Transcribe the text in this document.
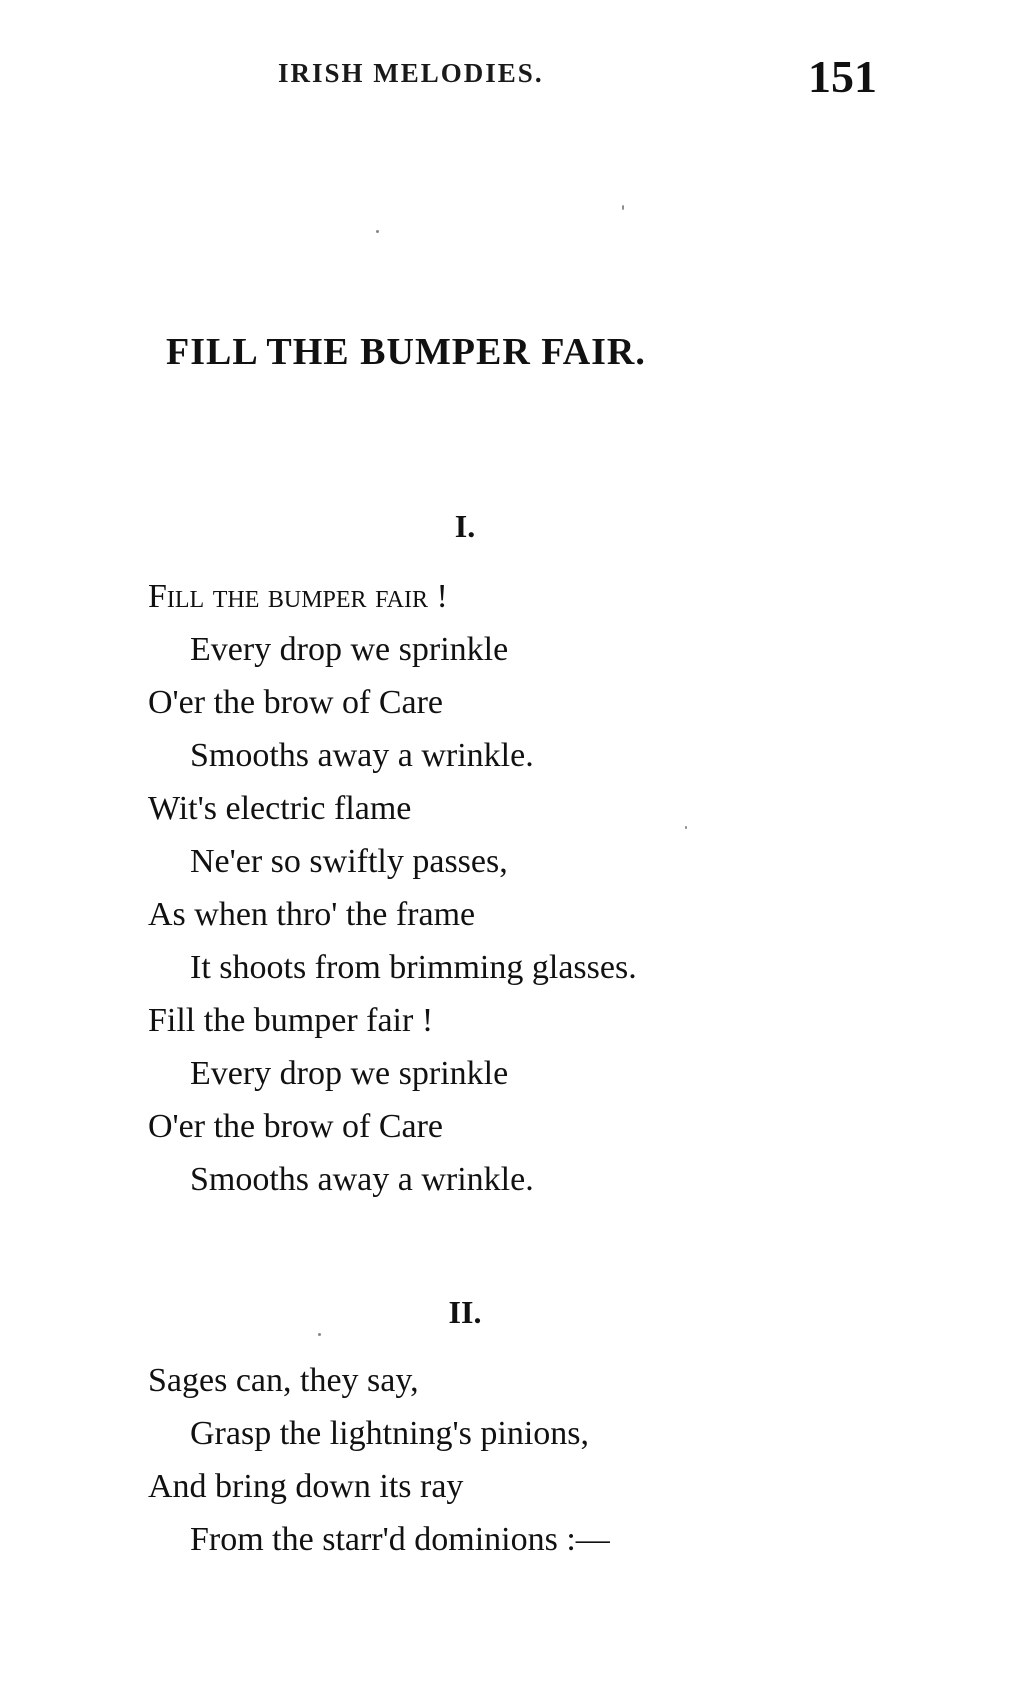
IRISH MELODIES.	151
FILL THE BUMPER FAIR.
I.
Fill the bumper fair !
Every drop we sprinkle
O'er the brow of Care
Smooths away a wrinkle.
Wit's electric flame
Ne'er so swiftly passes,
As when thro' the frame
It shoots from brimming glasses.
Fill the bumper fair !
Every drop we sprinkle
O'er the brow of Care
Smooths away a wrinkle.
II.
Sages can, they say,
Grasp the lightning's pinions,
And bring down its ray
From the starr'd dominions :—
